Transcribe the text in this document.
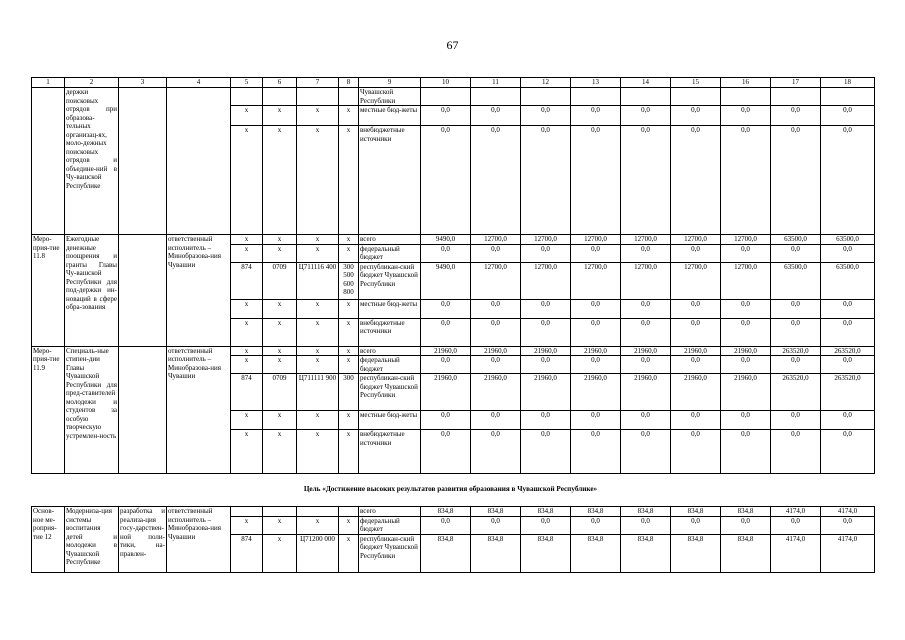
67
1	2	3	4	5	6	7	8	9	10	11	12	13	14	15	16	17	18
	держки поисковых отрядов при образова-тельных организац-ях, моло-дежных поисковых отрядов и объедине-ний в Чу-вашской Республике							Чувашской Республики									
				x	x	x	x	местные бюд-жеты	0,0	0,0	0,0	0,0	0,0	0,0	0,0	0,0	0,0
				x	x	x	x	внебюджетные источники	0,0	0,0	0,0	0,0	0,0	0,0	0,0	0,0	0,0
Меро-прия-тие 11.8	Ежегодные денежные поощрения и гранты Главы Чу-вашской Республики для под-держки ин-новаций в сфере обра-зования		ответственный исполнитель – Минобразова-ния Чувашии	x	x	x	x	всего	9490,0	12700,0	12700,0	12700,0	12700,0	12700,0	12700,0	63500,0	63500,0
				x	x	x	x	федеральный бюджет	0,0	0,0	0,0	0,0	0,0	0,0	0,0	0,0	0,0
				874	0709	Ц711116 400	300 500 600 800	республикан-ский бюджет Чувашской Республики	9490,0	12700,0	12700,0	12700,0	12700,0	12700,0	12700,0	63500,0	63500,0
				x	x	x	x	местные бюд-жеты	0,0	0,0	0,0	0,0	0,0	0,0	0,0	0,0	0,0
				x	x	x	x	внебюджетные источники	0,0	0,0	0,0	0,0	0,0	0,0	0,0	0,0	0,0
Меро-прия-тие 11.9	Специаль-ные стипен-дии Главы Чувашской Республики для пред-ставителей молодежи и студентов за особую творческую устремлен-ность		ответственный исполнитель – Минобразова-ния Чувашии	x	x	x	x	всего	21960,0	21960,0	21960,0	21960,0	21960,0	21960,0	21960,0	263520,0	263520,0
				x	x	x	x	федеральный бюджет	0,0	0,0	0,0	0,0	0,0	0,0	0,0	0,0	0,0
				874	0709	Ц711111 900	300	республикан-ский бюджет Чувашской Республики	21960,0	21960,0	21960,0	21960,0	21960,0	21960,0	21960,0	263520,0	263520,0
				x	x	x	x	местные бюд-жеты	0,0	0,0	0,0	0,0	0,0	0,0	0,0	0,0	0,0
				x	x	x	x	внебюджетные источники	0,0	0,0	0,0	0,0	0,0	0,0	0,0	0,0	0,0
Цель «Достижение высоких результатов развития образования в Чувашской Республике»
Основ-ное ме-роприя-тие 12	Модерниза-ция системы воспитания детей и молодежи в Чувашской Республике	разработка и реализа-ция госу-дарствен-ной поли-тики, на-правлен-	ответственный исполнитель – Минобразова-ния Чувашии					всего	834,8	834,8	834,8	834,8	834,8	834,8	834,8	4174,0	4174,0
				x	x	x	x	федеральный бюджет	0,0	0,0	0,0	0,0	0,0	0,0	0,0	0,0	0,0
				874	x	Ц71200 000	x	республикан-ский бюджет Чувашской Республики	834,8	834,8	834,8	834,8	834,8	834,8	834,8	4174,0	4174,0
